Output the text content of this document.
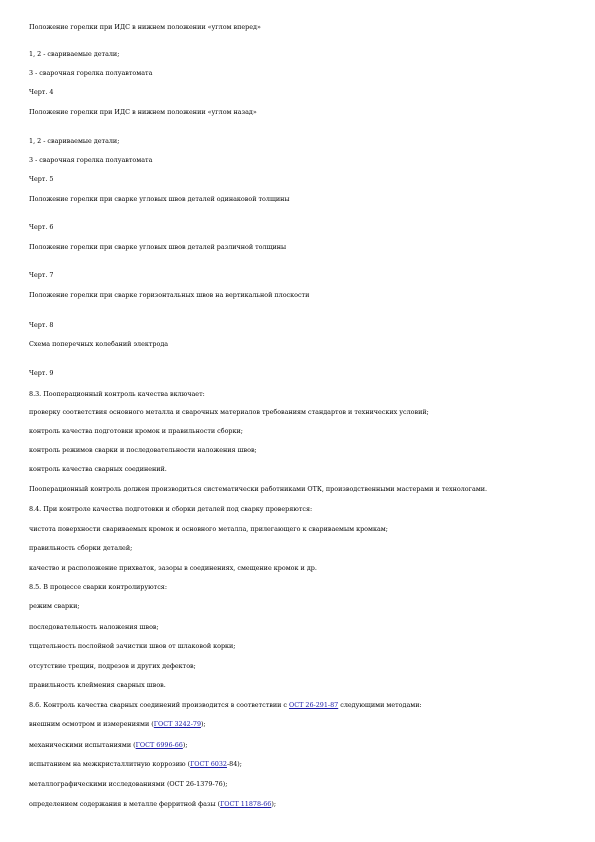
Положение горелки при ИДС в нижнем положении «углом вперед»
1, 2 - свариваемые детали;
3 - сварочная горелка полуавтомата
Черт. 4
Положение горелки при ИДС в нижнем положении «углом назад»
1, 2 - свариваемые детали;
3 - сварочная горелка полуавтомата
Черт. 5
Положение горелки при сварке угловых швов деталей одинаковой толщины
Черт. 6
Положение горелки при сварке угловых швов деталей различной толщины
Черт. 7
Положение горелки при сварке горизонтальных швов на вертикальной плоскости
Черт. 8
Схема поперечных колебаний электрода
Черт. 9
8.3. Пооперационный контроль качества включает:
проверку соответствия основного металла и сварочных материалов требованиям стандартов и технических условий;
контроль качества подготовки кромок и правильности сборки;
контроль режимов сварки и последовательности наложения швов;
контроль качества сварных соединений.
Пооперационный контроль должен производиться систематически работниками ОТК, производственными мастерами и технологами.
8.4. При контроле качества подготовки и сборки деталей под сварку проверяются:
чистота поверхности свариваемых кромок и основного металла, прилегающего к свариваемым кромкам;
правильность сборки деталей;
качество и расположение прихваток, зазоры в соединениях, смещение кромок и др.
8.5. В процессе сварки контролируются:
режим сварки;
последовательность наложения швов;
тщательность послойной зачистки швов от шлаковой корки;
отсутствие трещин, подрезов и других дефектов;
правильность клеймения сварных швов.
8.6. Контроль качества сварных соединений производится в соответствии с ОСТ 26-291-87 следующими методами:
внешним осмотром и измерениями (ГОСТ 3242-79);
механическими испытаниями (ГОСТ 6996-66);
испытанием на межкристаллитную коррозию (ГОСТ 6032-84);
металлографическими исследованиями (ОСТ 26-1379-76);
определением содержания в металле ферритной фазы (ГОСТ 11878-66);
